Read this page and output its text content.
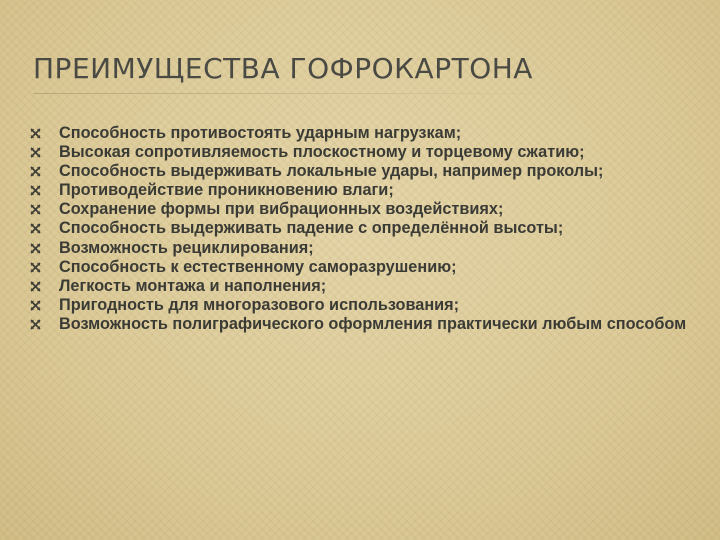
ПРЕИМУЩЕСТВА ГОФРОКАРТОНА
Способность противостоять ударным нагрузкам;
Высокая сопротивляемость плоскостному и торцевому сжатию;
Способность выдерживать локальные удары, например проколы;
Противодействие проникновению влаги;
Сохранение формы при вибрационных воздействиях;
Способность выдерживать падение с определённой высоты;
Возможность рециклирования;
Способность к естественному саморазрушению;
Легкость монтажа и наполнения;
Пригодность для многоразового использования;
Возможность полиграфического оформления практически любым способом
